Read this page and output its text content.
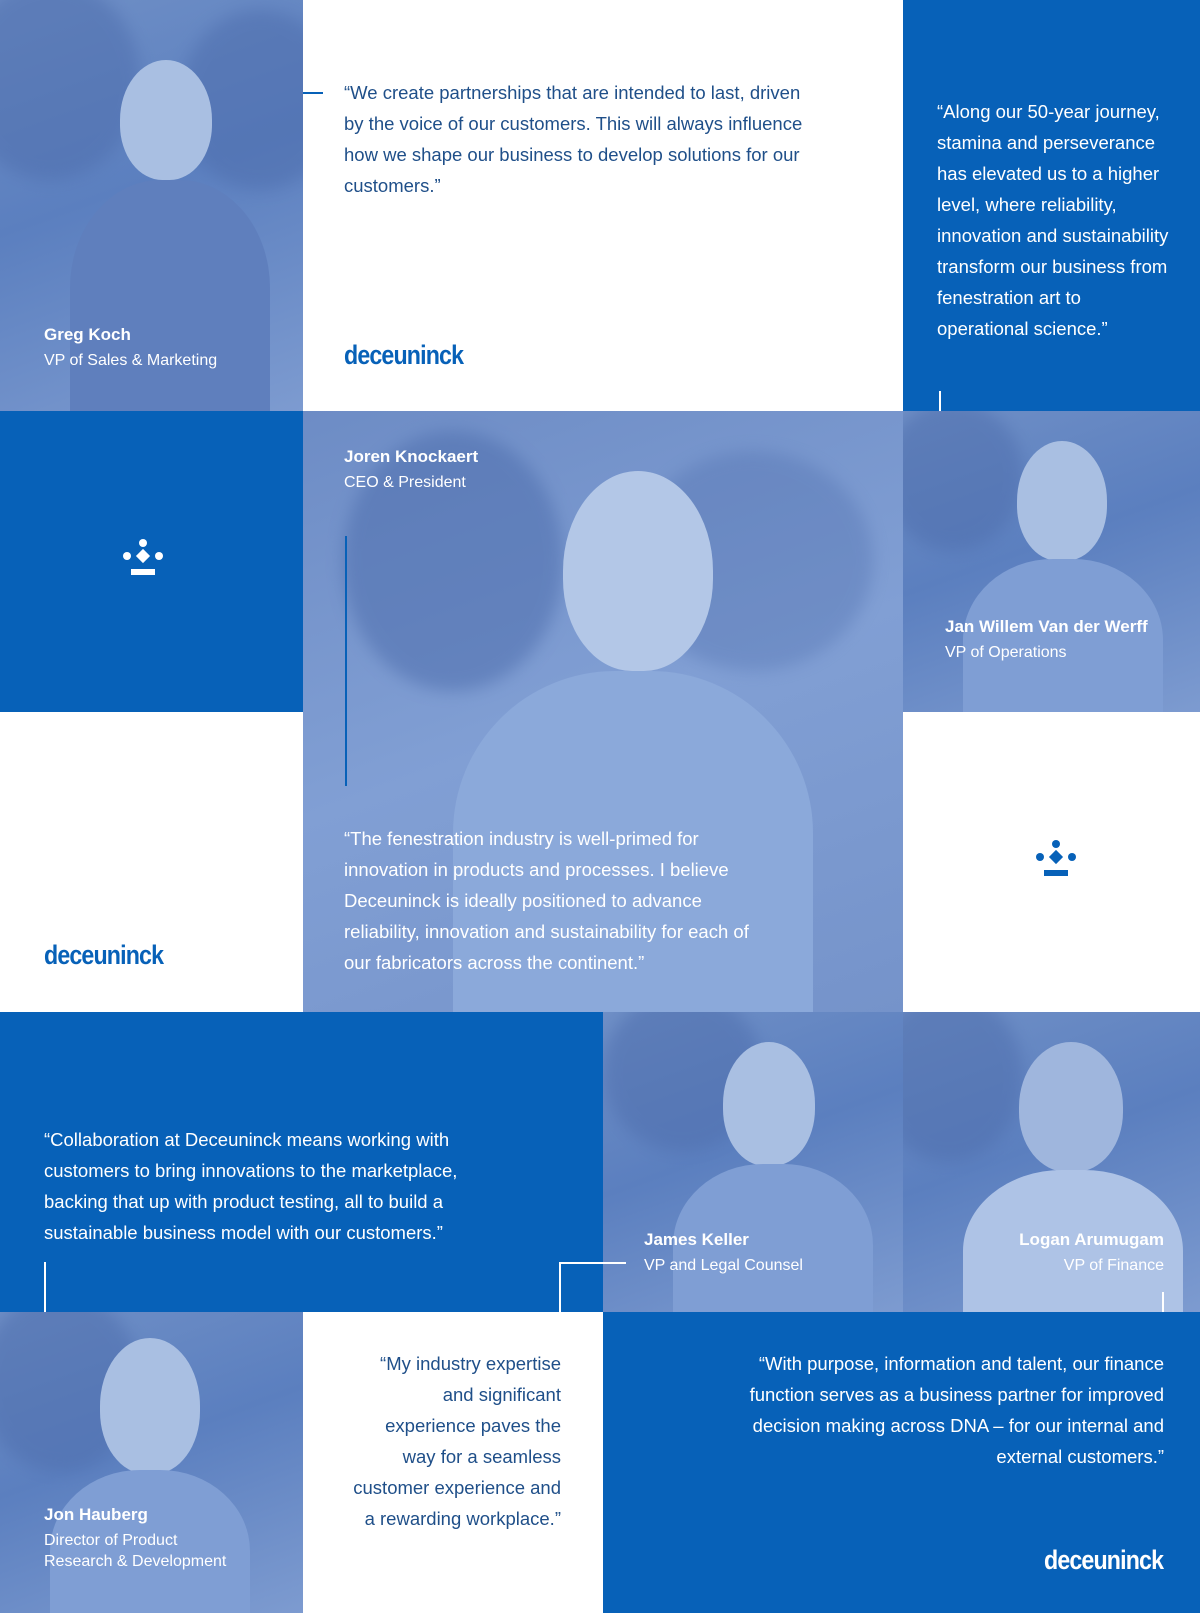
Greg Koch
VP of Sales & Marketing
“We create partnerships that are intended to last, driven by the voice of our customers. This will always influence how we shape our business to develop solutions for our customers.”
deceuninck
“Along our 50-year journey, stamina and perseverance has elevated us to a higher level, where reliability, innovation and sustainability transform our business from fenestration art to operational science.”
Joren Knockaert
CEO & President
“The fenestration industry is well-primed for innovation in products and processes. I believe Deceuninck is ideally positioned to advance reliability, innovation and sustainability for each of our fabricators across the continent.”
Jan Willem Van der Werff
VP of Operations
deceuninck
“Collaboration at Deceuninck means working with customers to bring innovations to the marketplace, backing that up with product testing, all to build a sustainable business model with our customers.”	James Keller
VP and Legal Counsel
Logan Arumugam
VP of Finance
Jon Hauberg
Director of Product
Research & Development
“My industry expertise and significant experience paves the way for a seamless customer experience and a rewarding workplace.”
“With purpose, information and talent, our finance function serves as a business partner for improved decision making across DNA – for our internal and external customers.”
deceuninck
